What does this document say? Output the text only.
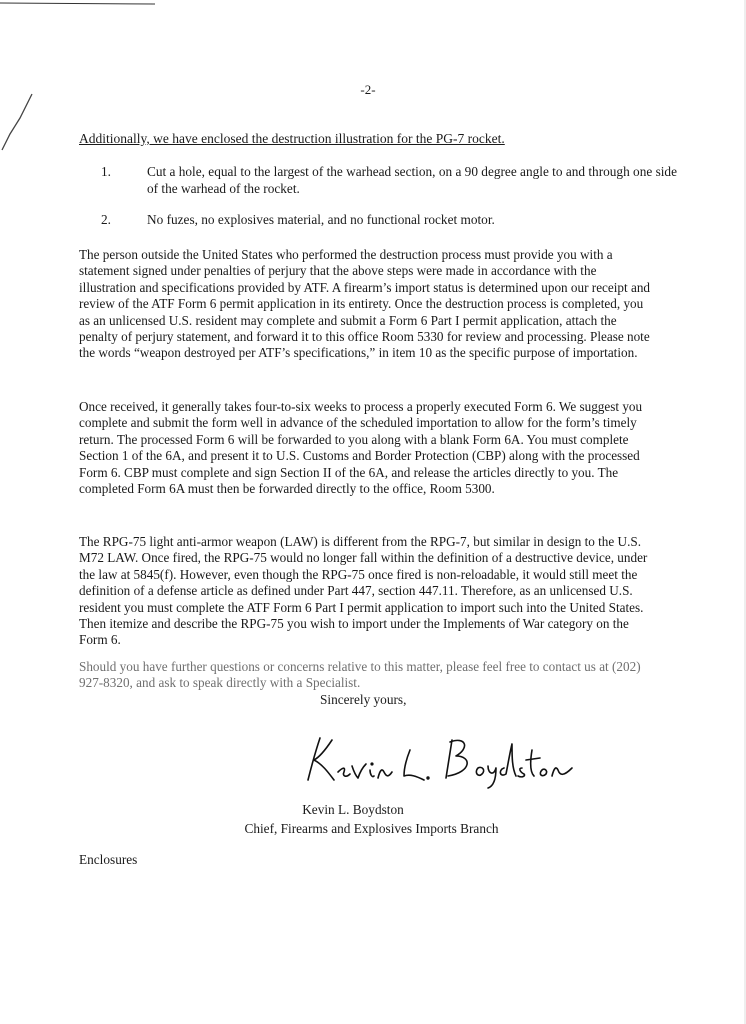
-2-
Additionally, we have enclosed the destruction illustration for the PG-7 rocket.
1.	Cut a hole, equal to the largest of the warhead section, on a 90 degree angle to and through one side of the warhead of the rocket.
2.	No fuzes, no explosives material, and no functional rocket motor.

The person outside the United States who performed the destruction process must provide you with a statement signed under penalties of perjury that the above steps were made in accordance with the illustration and specifications provided by ATF. A firearm’s import status is determined upon our receipt and review of the ATF Form 6 permit application in its entirety. Once the destruction process is completed, you as an unlicensed U.S. resident may complete and submit a Form 6 Part I permit application, attach the penalty of perjury statement, and forward it to this office Room 5330 for review and processing. Please note the words “weapon destroyed per ATF’s specifications,” in item 10 as the specific purpose of importation.

Once received, it generally takes four-to-six weeks to process a properly executed Form 6. We suggest you complete and submit the form well in advance of the scheduled importation to allow for the form’s timely return. The processed Form 6 will be forwarded to you along with a blank Form 6A. You must complete Section 1 of the 6A, and present it to U.S. Customs and Border Protection (CBP) along with the processed Form 6. CBP must complete and sign Section II of the 6A, and release the articles directly to you. The completed Form 6A must then be forwarded directly to the office, Room 5300.

The RPG-75 light anti-armor weapon (LAW) is different from the RPG-7, but similar in design to the U.S. M72 LAW. Once fired, the RPG-75 would no longer fall within the definition of a destructive device, under the law at 5845(f). However, even though the RPG-75 once fired is non-reloadable, it would still meet the definition of a defense article as defined under Part 447, section 447.11. Therefore, as an unlicensed U.S. resident you must complete the ATF Form 6 Part I permit application to import such into the United States. Then itemize and describe the RPG-75 you wish to import under the Implements of War category on the Form 6.

Should you have further questions or concerns relative to this matter, please feel free to contact us at (202) 927-8320, and ask to speak directly with a Specialist.

Sincerely yours,
Kevin L. Boydston
Chief, Firearms and Explosives Imports Branch
Enclosures
